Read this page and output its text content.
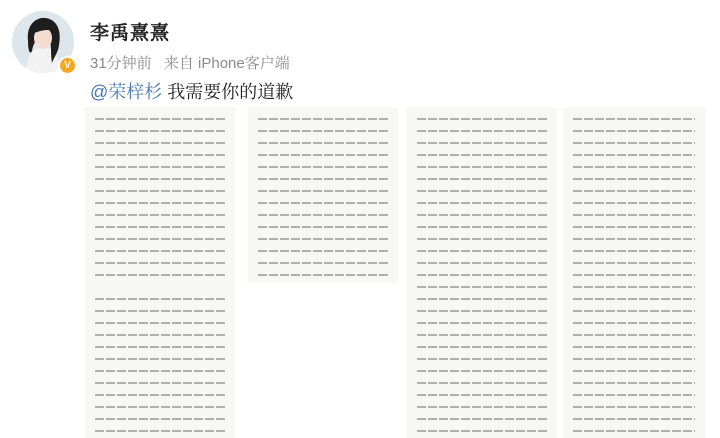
V
李禹熹熹
31分钟前 来自 iPhone客户端
@荣梓杉 我需要你的道歉
